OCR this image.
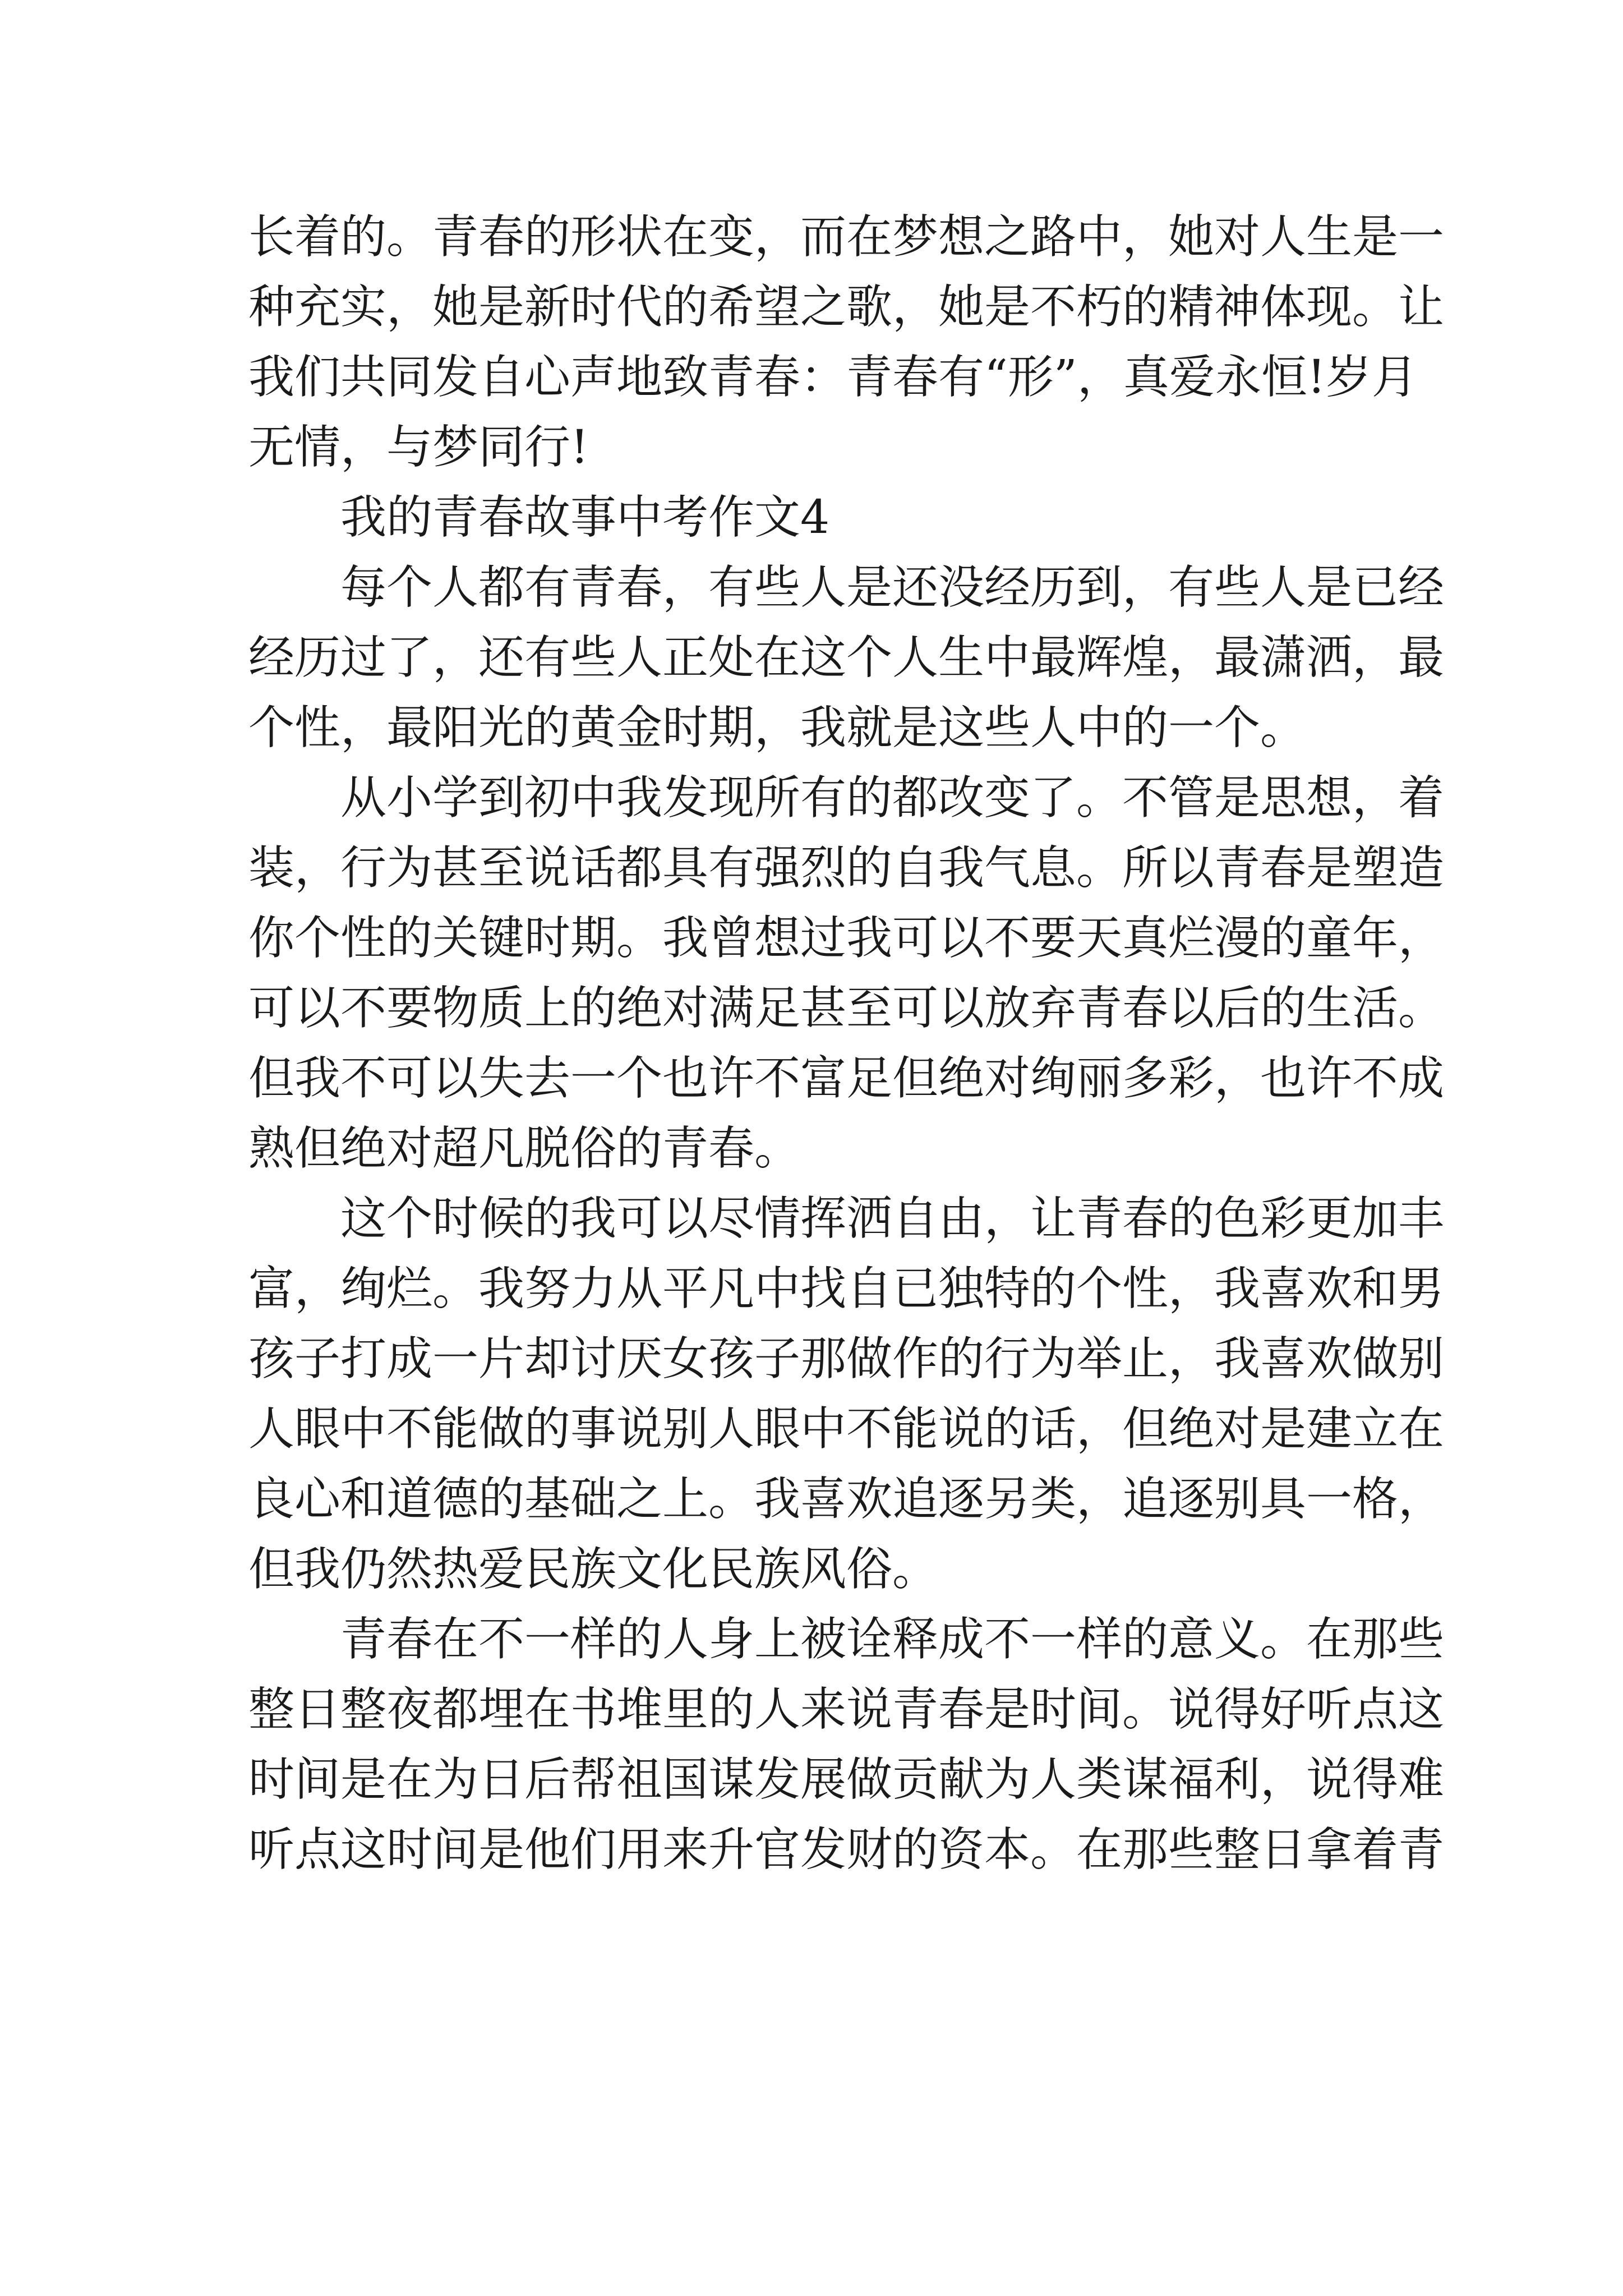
长着的。青春的形状在变，而在梦想之路中，她对人生是一
种充实，她是新时代的希望之歌，她是不朽的精神体现。让
我们共同发自心声地致青春：青春有“形”，真爱永恒!岁月
无情，与梦同行!
我的青春故事中考作文4
每个人都有青春，有些人是还没经历到，有些人是已经
经历过了，还有些人正处在这个人生中最辉煌，最潇洒，最
个性，最阳光的黄金时期，我就是这些人中的一个。
从小学到初中我发现所有的都改变了。不管是思想，着
装，行为甚至说话都具有强烈的自我气息。所以青春是塑造
你个性的关键时期。我曾想过我可以不要天真烂漫的童年，
可以不要物质上的绝对满足甚至可以放弃青春以后的生活。
但我不可以失去一个也许不富足但绝对绚丽多彩，也许不成
熟但绝对超凡脱俗的青春。
这个时候的我可以尽情挥洒自由，让青春的色彩更加丰
富，绚烂。我努力从平凡中找自已独特的个性，我喜欢和男
孩子打成一片却讨厌女孩子那做作的行为举止，我喜欢做别
人眼中不能做的事说别人眼中不能说的话，但绝对是建立在
良心和道德的基础之上。我喜欢追逐另类，追逐别具一格，
但我仍然热爱民族文化民族风俗。
青春在不一样的人身上被诠释成不一样的意义。在那些
整日整夜都埋在书堆里的人来说青春是时间。说得好听点这
时间是在为日后帮祖国谋发展做贡献为人类谋福利，说得难
听点这时间是他们用来升官发财的资本。在那些整日拿着青
